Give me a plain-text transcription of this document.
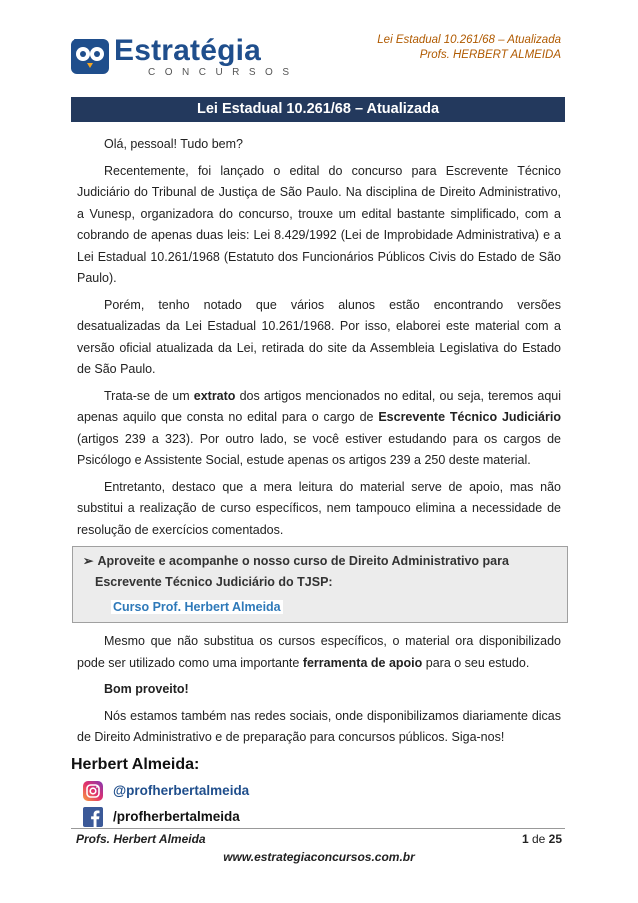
Estratégia
CONCURSOS
Lei Estadual 10.261/68 – Atualizada
Profs. HERBERT ALMEIDA
Lei Estadual 10.261/68 – Atualizada

Olá, pessoal! Tudo bem?

Recentemente, foi lançado o edital do concurso para Escrevente Técnico Judiciário do Tribunal de Justiça de São Paulo. Na disciplina de Direito Administrativo, a Vunesp, organizadora do concurso, trouxe um edital bastante simplificado, com a cobrando de apenas duas leis: Lei 8.429/1992 (Lei de Improbidade Administrativa) e a Lei Estadual 10.261/1968 (Estatuto dos Funcionários Públicos Civis do Estado de São Paulo).

Porém, tenho notado que vários alunos estão encontrando versões desatualizadas da Lei Estadual 10.261/1968. Por isso, elaborei este material com a versão oficial atualizada da Lei, retirada do site da Assembleia Legislativa do Estado de São Paulo.

Trata-se de um extrato dos artigos mencionados no edital, ou seja, teremos aqui apenas aquilo que consta no edital para o cargo de Escrevente Técnico Judiciário (artigos 239 a 323). Por outro lado, se você estiver estudando para os cargos de Psicólogo e Assistente Social, estude apenas os artigos 239 a 250 deste material.

Entretanto, destaco que a mera leitura do material serve de apoio, mas não substitui a realização de curso específicos, nem tampouco elimina a necessidade de resolução de exercícios comentados.

➢ Aproveite e acompanhe o nosso curso de Direito Administrativo para
Escrevente Técnico Judiciário do TJSP:
Curso Prof. Herbert Almeida

Mesmo que não substitua os cursos específicos, o material ora disponibilizado pode ser utilizado como uma importante ferramenta de apoio para o seu estudo.

Bom proveito!

Nós estamos também nas redes sociais, onde disponibilizamos diariamente dicas de Direito Administrativo e de preparação para concursos públicos. Siga-nos!

Herbert Almeida:
@profherbertalmeida
/profherbertalmeida
Profs. Herbert Almeida	1 de 25
www.estrategiaconcursos.com.br
